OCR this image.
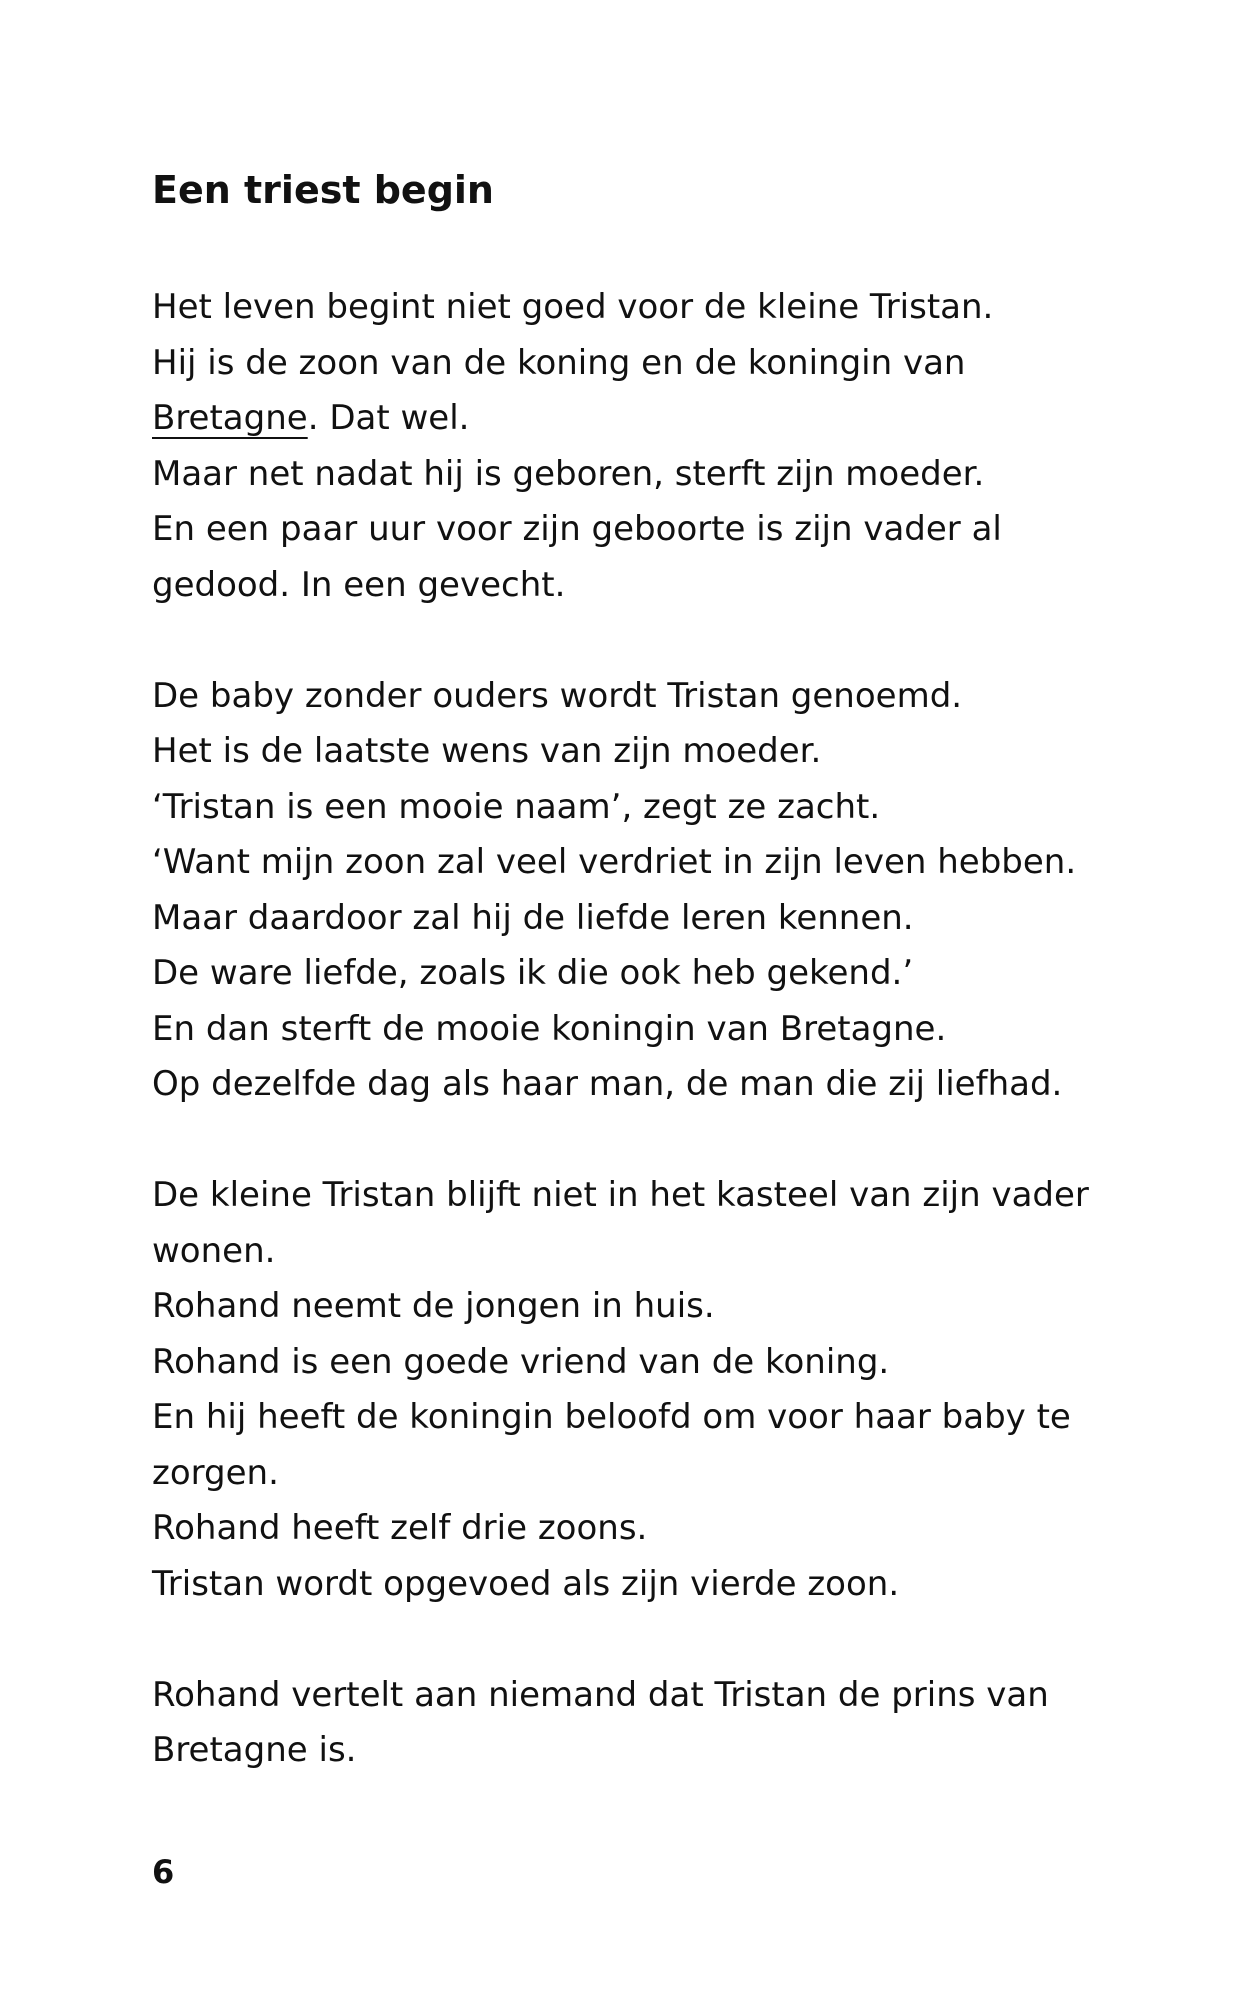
Een triest begin

Het leven begint niet goed voor de kleine Tristan.
Hij is de zoon van de koning en de koningin van
Bretagne. Dat wel.
Maar net nadat hij is geboren, sterft zijn moeder.
En een paar uur voor zijn geboorte is zijn vader al
gedood. In een gevecht.

De baby zonder ouders wordt Tristan genoemd.
Het is de laatste wens van zijn moeder.
‘Tristan is een mooie naam’, zegt ze zacht.
‘Want mijn zoon zal veel verdriet in zijn leven hebben.
Maar daardoor zal hij de liefde leren kennen.
De ware liefde, zoals ik die ook heb gekend.’
En dan sterft de mooie koningin van Bretagne.
Op dezelfde dag als haar man, de man die zij liefhad.

De kleine Tristan blijft niet in het kasteel van zijn vader
wonen.
Rohand neemt de jongen in huis.
Rohand is een goede vriend van de koning.
En hij heeft de koningin beloofd om voor haar baby te
zorgen.
Rohand heeft zelf drie zoons.
Tristan wordt opgevoed als zijn vierde zoon.

Rohand vertelt aan niemand dat Tristan de prins van
Bretagne is.

6
